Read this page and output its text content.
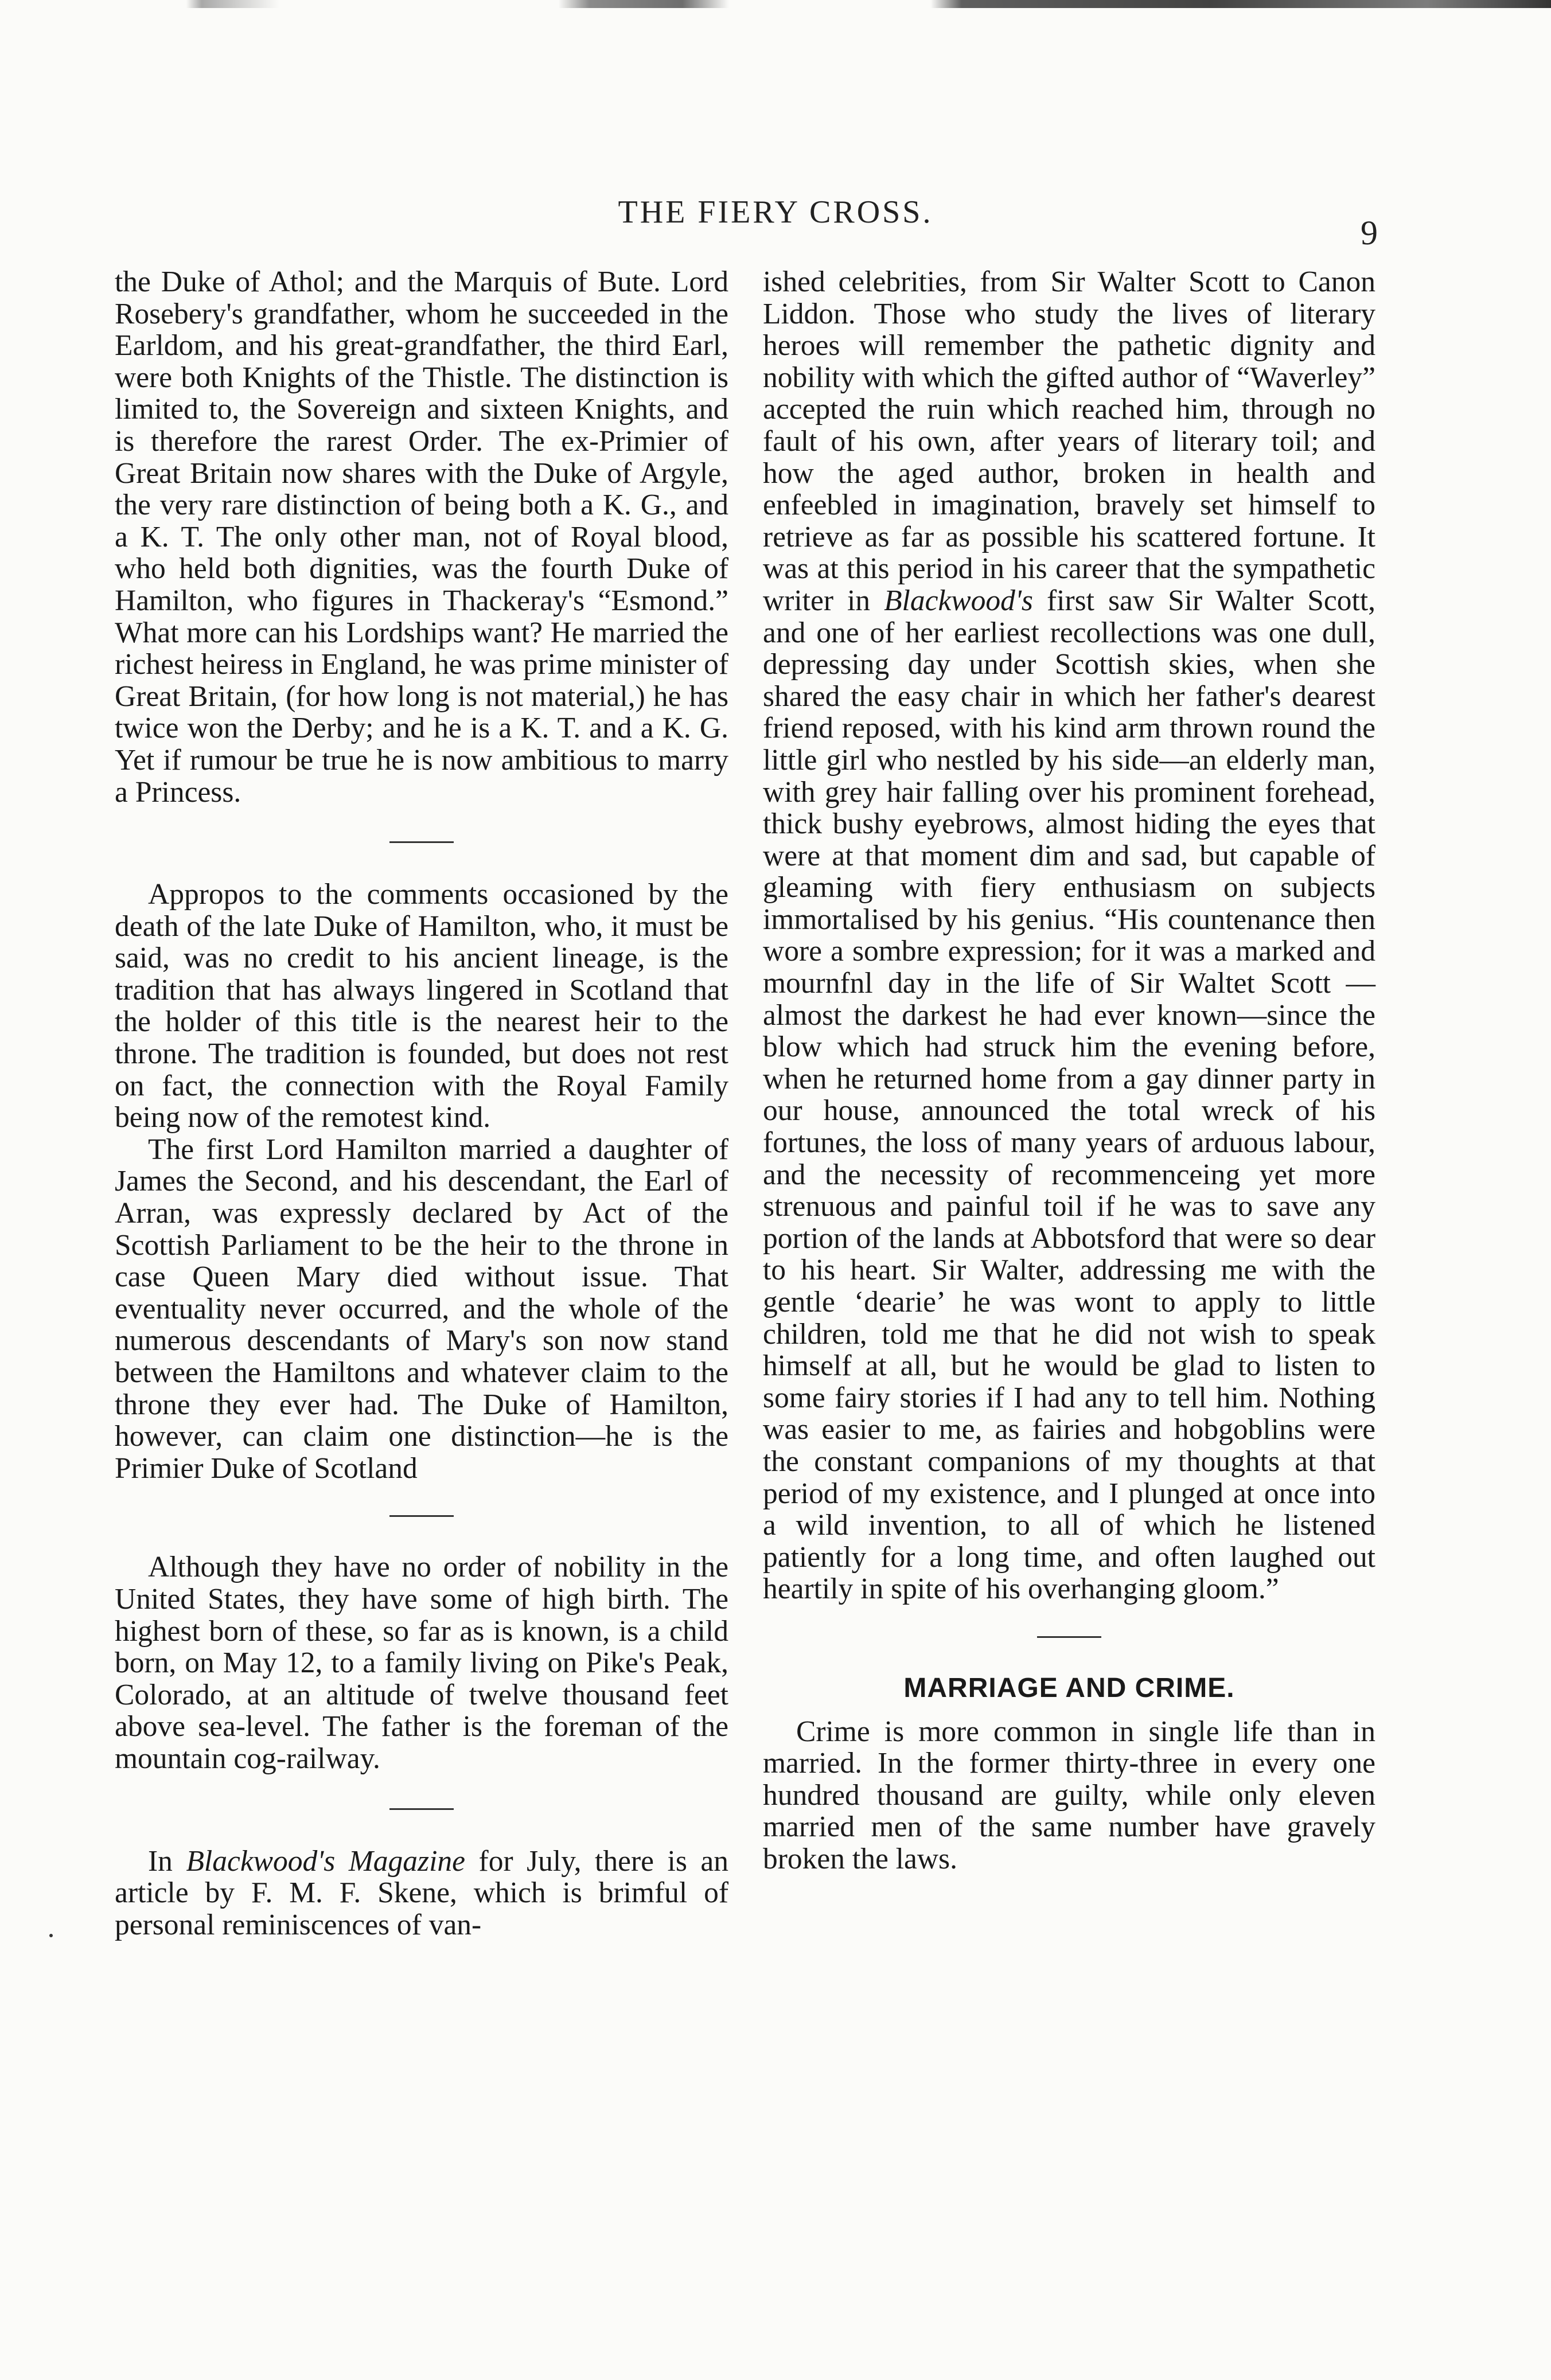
THE FIERY CROSS.
9

the Duke of Athol; and the Marquis of Bute. Lord Rosebery's grandfather, whom he succeeded in the Earldom, and his great-grandfather, the third Earl, were both Knights of the Thistle. The distinction is limited to, the Sovereign and sixteen Knights, and is therefore the rarest Order. The ex-Primier of Great Britain now shares with the Duke of Argyle, the very rare distinction of being both a K. G., and a K. T. The only other man, not of Royal blood, who held both dignities, was the fourth Duke of Hamilton, who figures in Thackeray's “Esmond.” What more can his Lordships want? He married the richest heiress in England, he was prime minister of Great Britain, (for how long is not material,) he has twice won the Derby; and he is a K. T. and a K. G. Yet if rumour be true he is now ambitious to marry a Princess.

Appropos to the comments occasioned by the death of the late Duke of Hamilton, who, it must be said, was no credit to his ancient lineage, is the tradition that has always lingered in Scotland that the holder of this title is the nearest heir to the throne. The tradition is founded, but does not rest on fact, the connection with the Royal Family being now of the remotest kind.

The first Lord Hamilton married a daughter of James the Second, and his descendant, the Earl of Arran, was expressly declared by Act of the Scottish Parliament to be the heir to the throne in case Queen Mary died without issue. That eventuality never occurred, and the whole of the numerous descendants of Mary's son now stand between the Hamiltons and whatever claim to the throne they ever had. The Duke of Hamilton, however, can claim one distinction—he is the Primier Duke of Scotland

Although they have no order of nobility in the United States, they have some of high birth. The highest born of these, so far as is known, is a child born, on May 12, to a family living on Pike's Peak, Colorado, at an altitude of twelve thousand feet above sea-level. The father is the foreman of the mountain cog-railway.

In Blackwood's Magazine for July, there is an article by F. M. F. Skene, which is brimful of personal reminiscences of van-

ished celebrities, from Sir Walter Scott to Canon Liddon. Those who study the lives of literary heroes will remember the pathetic dignity and nobility with which the gifted author of “Waverley” accepted the ruin which reached him, through no fault of his own, after years of literary toil; and how the aged author, broken in health and enfeebled in imagination, bravely set himself to retrieve as far as possible his scattered fortune. It was at this period in his career that the sympathetic writer in Blackwood's first saw Sir Walter Scott, and one of her earliest recollections was one dull, depressing day under Scottish skies, when she shared the easy chair in which her father's dearest friend reposed, with his kind arm thrown round the little girl who nestled by his side—an elderly man, with grey hair falling over his prominent forehead, thick bushy eyebrows, almost hiding the eyes that were at that moment dim and sad, but capable of gleaming with fiery enthusiasm on subjects immortalised by his genius. “His countenance then wore a sombre expression; for it was a marked and mournfnl day in the life of Sir Waltet Scott —almost the darkest he had ever known—since the blow which had struck him the evening before, when he returned home from a gay dinner party in our house, announced the total wreck of his fortunes, the loss of many years of arduous labour, and the necessity of recommenceing yet more strenuous and painful toil if he was to save any portion of the lands at Abbotsford that were so dear to his heart. Sir Walter, addressing me with the gentle ‘dearie’ he was wont to apply to little children, told me that he did not wish to speak himself at all, but he would be glad to listen to some fairy stories if I had any to tell him. Nothing was easier to me, as fairies and hobgoblins were the constant companions of my thoughts at that period of my existence, and I plunged at once into a wild invention, to all of which he listened patiently for a long time, and often laughed out heartily in spite of his overhanging gloom.”

MARRIAGE AND CRIME.

Crime is more common in single life than in married. In the former thirty-three in every one hundred thousand are guilty, while only eleven married men of the same number have gravely broken the laws.
